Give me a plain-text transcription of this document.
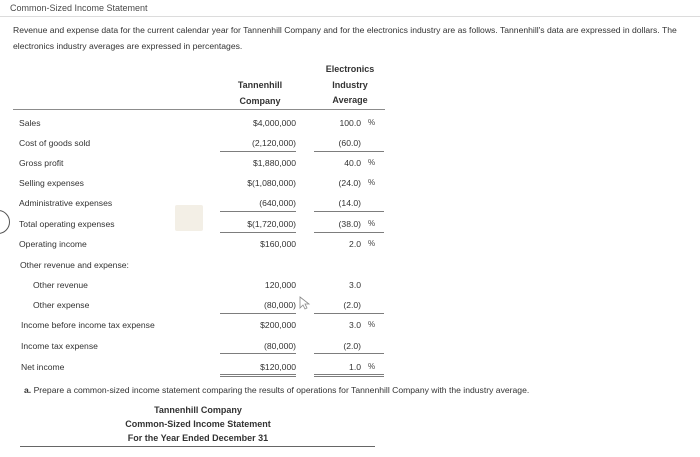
Common-Sized Income Statement
Revenue and expense data for the current calendar year for Tannenhill Company and for the electronics industry are as follows. Tannenhill's data are expressed in dollars. The electronics industry averages are expressed in percentages.
Tannenhill
Company
Electronics
Industry
Average
Sales	$4,000,000	100.0 %
Cost of goods sold	(2,120,000)	(60.0)
Gross profit	$1,880,000	40.0 %
Selling expenses	$(1,080,000)	(24.0) %
Administrative expenses	(640,000)	(14.0)
Total operating expenses	$(1,720,000)	(38.0) %
Operating income	$160,000	2.0 %
Other revenue and expense:
Other revenue	120,000	3.0
Other expense	(80,000)	(2.0)
Income before income tax expense	$200,000	3.0 %
Income tax expense	(80,000)	(2.0)
Net income	$120,000	1.0 %
a. Prepare a common-sized income statement comparing the results of operations for Tannenhill Company with the industry average.
Tannenhill Company
Common-Sized Income Statement
For the Year Ended December 31
